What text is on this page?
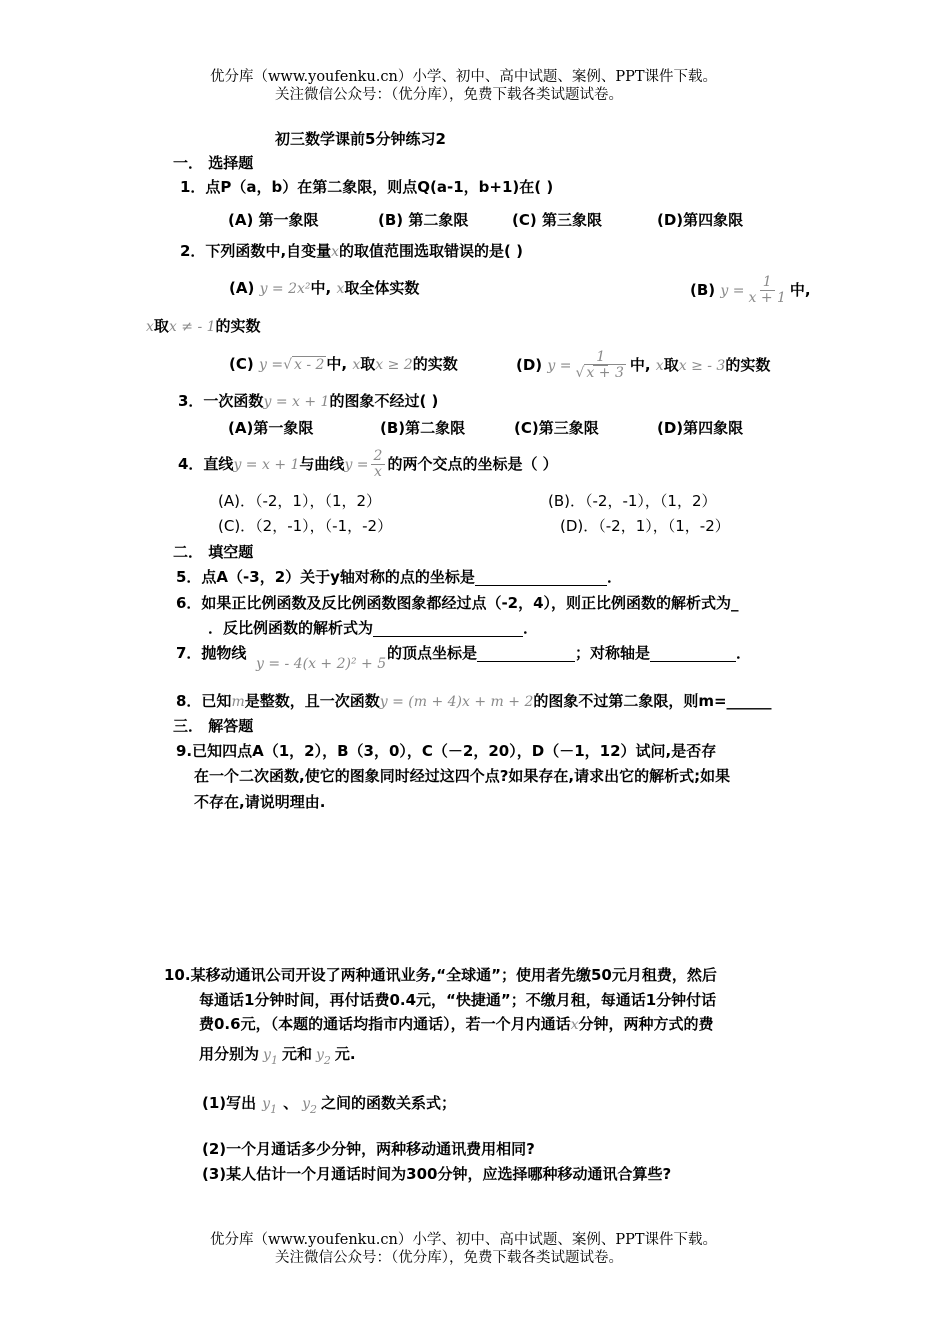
优分库（www.youfenku.cn）小学、初中、高中试题、案例、PPT课件下载。
关注微信公众号：（优分库），免费下载各类试题试卷。
初三数学课前5分钟练习2
一． 选择题
1．点P（a，b）在第二象限，则点Q(a-1，b+1)在( )
(A) 第一象限	(B) 第二象限	(C) 第三象限	(D)第四象限
2．下列函数中,自变量x的取值范围选取错误的是( )
(A) y = 2x²中, x取全体实数	(B) $y = \frac{1}{x + 1}$ 中,
x取x ≠ - 1的实数
(C) y =√ x - 2 中, x取x ≥ 2的实数	(D) $y = \frac{1}{√ x + 3}$ 中, x取x ≥ - 3的实数
3．一次函数y = x + 1的图象不经过( )
(A)第一象限	(B)第二象限	(C)第三象限	(D)第四象限
4．直线y = x + 1与曲线$y = \frac{2}{x}$ 的两个交点的坐标是（ ）
(A)．（-2，1），（1，2）	(B)．（-2，-1），（1，2）
(C)．（2，-1），（-1，-2）	(D)．（-2，1），（1，-2）
二． 填空题
5．点A（-3，2）关于y轴对称的点的坐标是	．
6．如果正比例函数及反比例函数图象都经过点（-2，4），则正比例函数的解析式为_
．反比例函数的解析式为	．
7．抛物线
y = - 4(x + 2)² + 5
的顶点坐标是	；对称轴是	．
8．已知m是整数，且一次函数y = (m + 4)x + m + 2的图象不过第二象限，则m=______
三． 解答题
9.已知四点A（1，2），B（3，0），C（－2，20），D（－1，12）试问,是否存
在一个二次函数,使它的图象同时经过这四个点?如果存在,请求出它的解析式;如果
不存在,请说明理由.
10.某移动通讯公司开设了两种通讯业务,“全球通”；使用者先缴50元月租费，然后
每通话1分钟时间，再付话费0.4元，“快捷通”；不缴月租，每通话1分钟付话
费0.6元，（本题的通话均指市内通话），若一个月内通话x分钟，两种方式的费
用分别为 $y_1$ 元和 $y_2$ 元.
(1)写出 $y_1$ 、 $y_2$ 之间的函数关系式；
(2)一个月通话多少分钟，两种移动通讯费用相同?
(3)某人估计一个月通话时间为300分钟，应选择哪种移动通讯合算些?
优分库（www.youfenku.cn）小学、初中、高中试题、案例、PPT课件下载。
关注微信公众号：（优分库），免费下载各类试题试卷。
